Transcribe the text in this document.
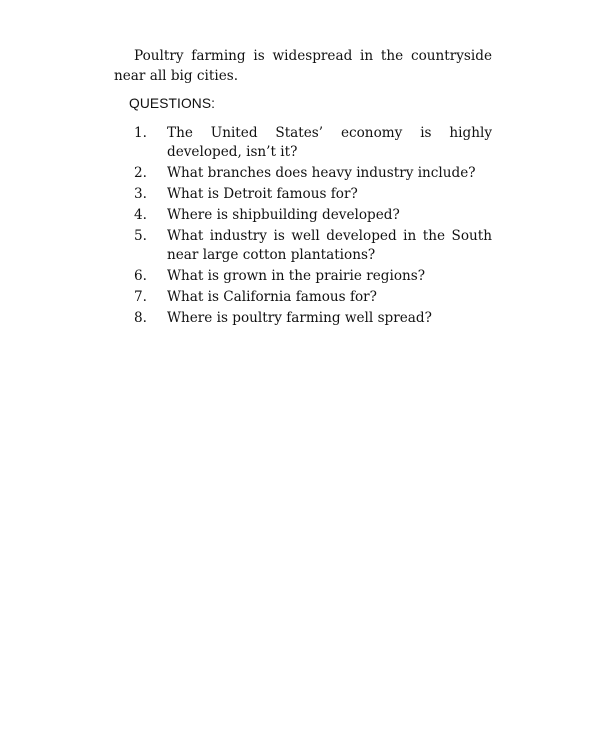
Poultry farming is widespread in the countryside near all big cities.

QUESTIONS:
1.	The United States’ economy is highly developed, isn’t it?
2.	What branches does heavy industry include?
3.	What is Detroit famous for?
4.	Where is shipbuilding developed?
5.	What industry is well developed in the South near large cotton plantations?
6.	What is grown in the prairie regions?
7.	What is California famous for?
8.	Where is poultry farming well spread?
